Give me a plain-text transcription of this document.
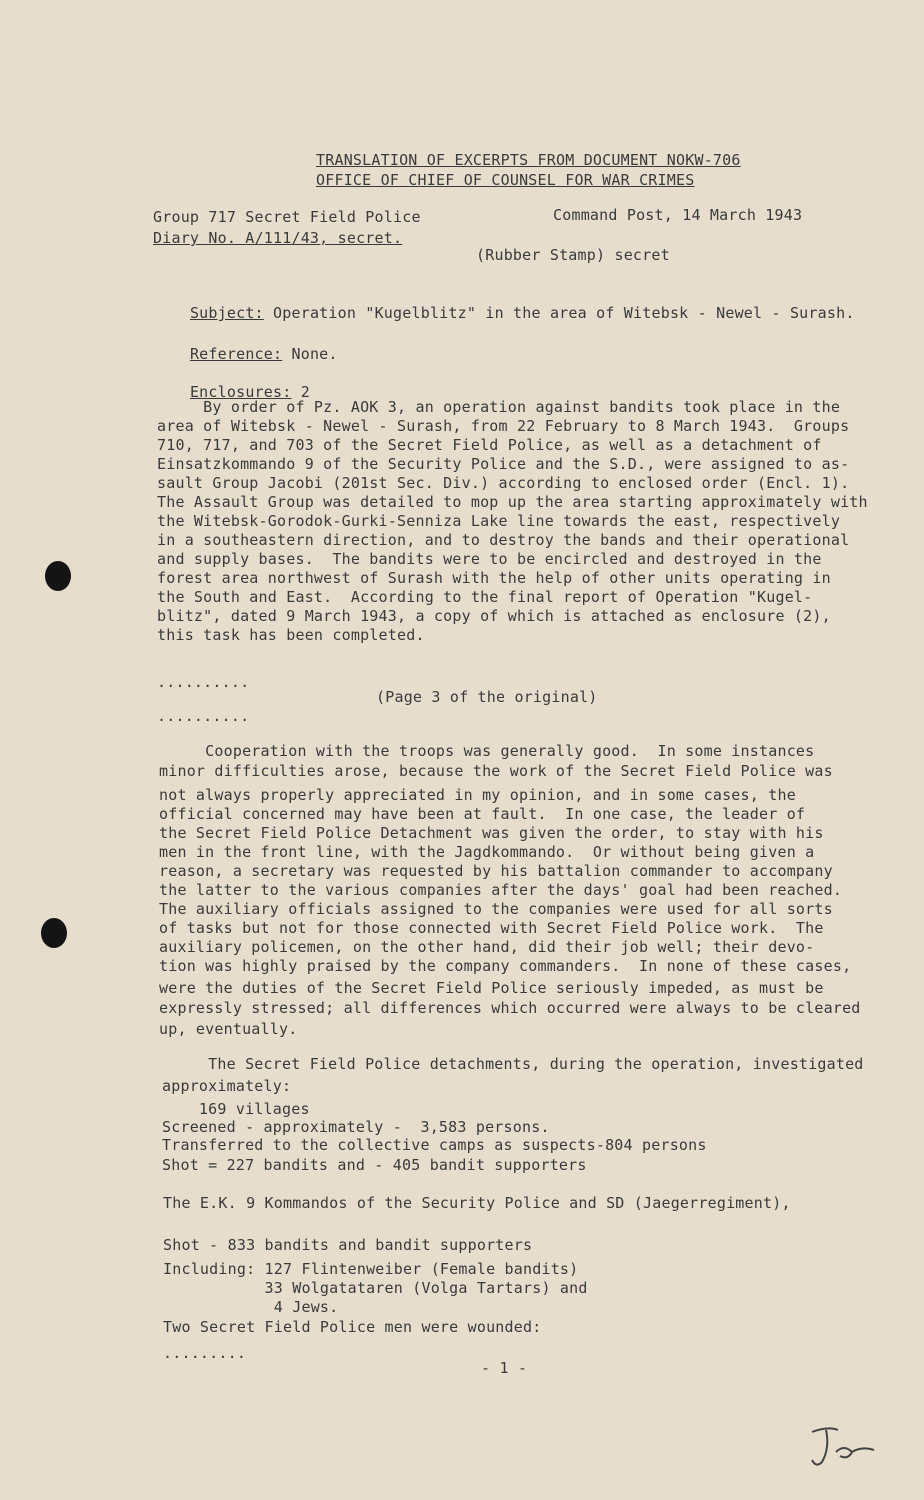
TRANSLATION OF EXCERPTS FROM DOCUMENT NOKW-706
OFFICE OF CHIEF OF COUNSEL FOR WAR CRIMES
Group 717 Secret Field Police	Command Post, 14 March 1943
Diary No. A/111/43, secret.
(Rubber Stamp) secret

Subject: Operation "Kugelblitz" in the area of Witebsk - Newel - Surash.

Reference: None.

Enclosures: 2

By order of Pz. AOK 3, an operation against bandits took place in the
area of Witebsk - Newel - Surash, from 22 February to 8 March 1943.  Groups
710, 717, and 703 of the Secret Field Police, as well as a detachment of
Einsatzkommando 9 of the Security Police and the S.D., were assigned to as-
sault Group Jacobi (201st Sec. Div.) according to enclosed order (Encl. 1).
The Assault Group was detailed to mop up the area starting approximately with
the Witebsk-Gorodok-Gurki-Senniza Lake line towards the east, respectively
in a southeastern direction, and to destroy the bands and their operational
and supply bases.  The bandits were to be encircled and destroyed in the
forest area northwest of Surash with the help of other units operating in
the South and East.  According to the final report of Operation "Kugel-
blitz", dated 9 March 1943, a copy of which is attached as enclosure (2),
this task has been completed.
..........
(Page 3 of the original)
..........
Cooperation with the troops was generally good.  In some instances
minor difficulties arose, because the work of the Secret Field Police was
not always properly appreciated in my opinion, and in some cases, the
official concerned may have been at fault.  In one case, the leader of
the Secret Field Police Detachment was given the order, to stay with his
men in the front line, with the Jagdkommando.  Or without being given a
reason, a secretary was requested by his battalion commander to accompany
the latter to the various companies after the days' goal had been reached.
The auxiliary officials assigned to the companies were used for all sorts
of tasks but not for those connected with Secret Field Police work.  The
auxiliary policemen, on the other hand, did their job well; their devo-
tion was highly praised by the company commanders.  In none of these cases,
were the duties of the Secret Field Police seriously impeded, as must be
expressly stressed; all differences which occurred were always to be cleared
up, eventually.
The Secret Field Police detachments, during the operation, investigated
approximately:
169 villages
Screened - approximately -  3,583 persons.
Transferred to the collective camps as suspects-804 persons
Shot = 227 bandits and - 405 bandit supporters
The E.K. 9 Kommandos of the Security Police and SD (Jaegerregiment),
Shot - 833 bandits and bandit supporters
Including: 127 Flintenweiber (Female bandits)
33 Wolgatataren (Volga Tartars) and
4 Jews.
Two Secret Field Police men were wounded:
.........
- 1 -
